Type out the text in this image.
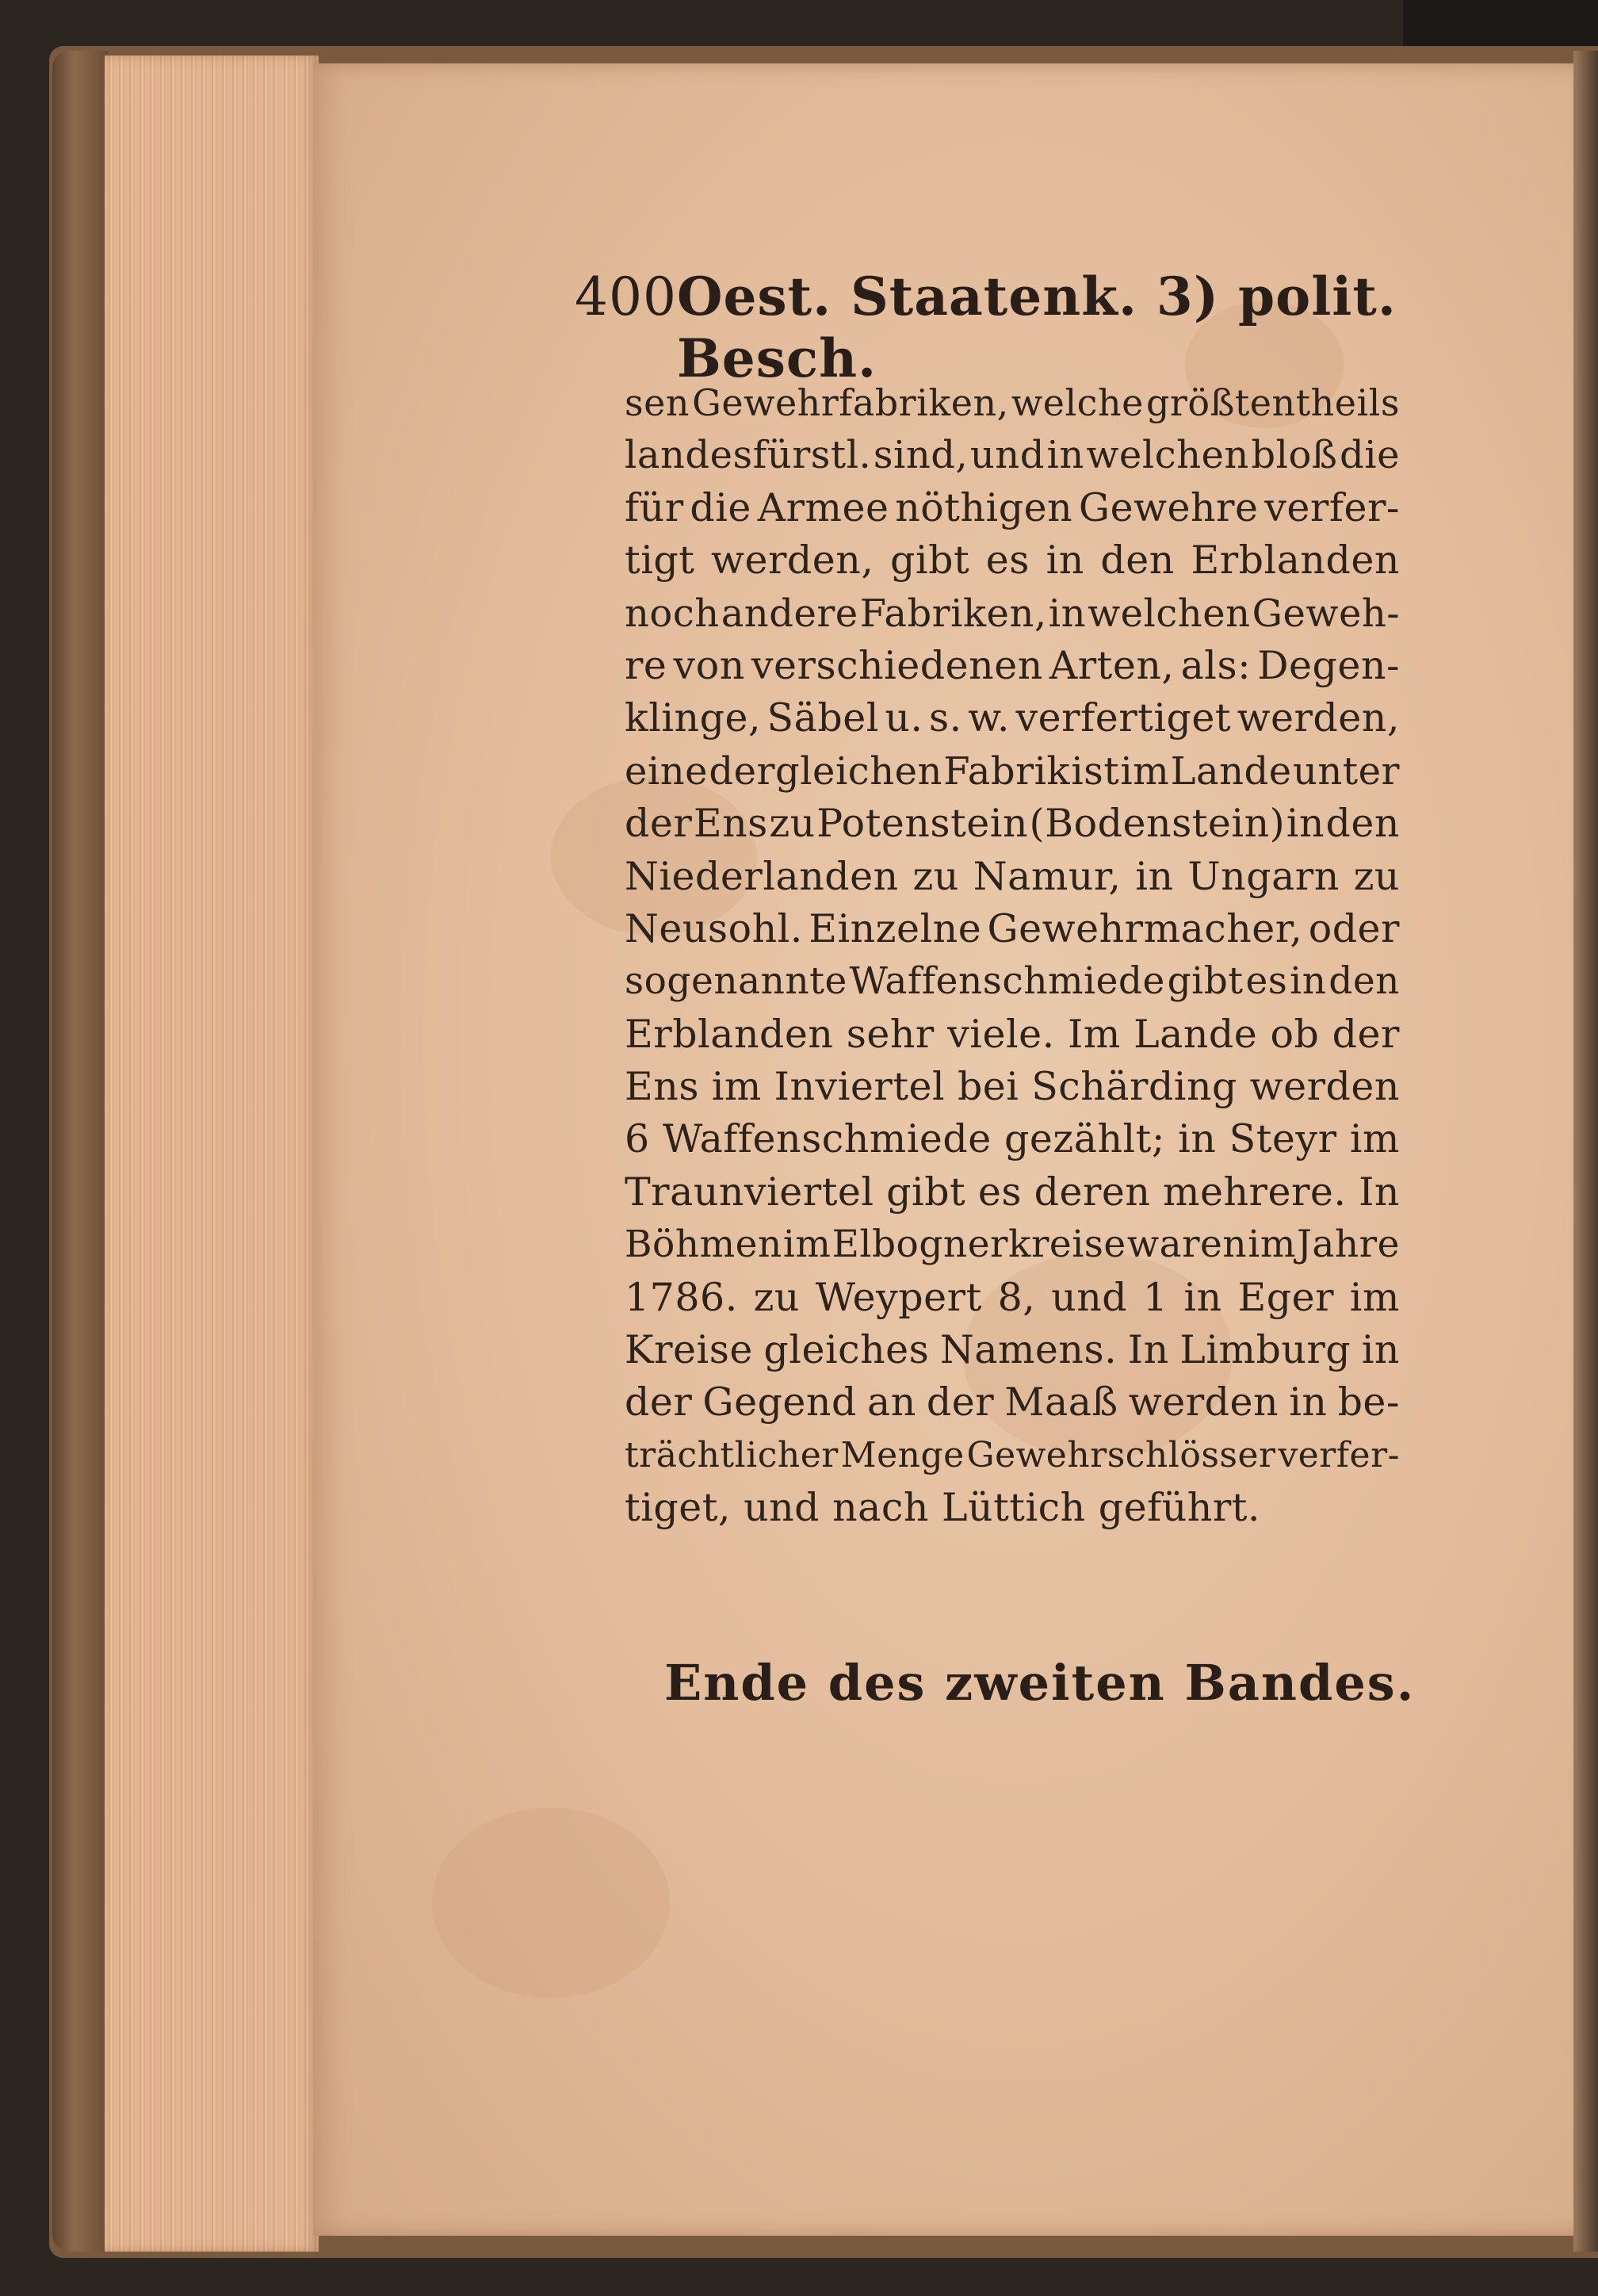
400 Oest. Staatenk. 3) polit. Besch.
sen Gewehrfabriken, welche größtentheils
landesfürstl. sind, und in welchen bloß die
für die Armee nöthigen Gewehre verfer-
tigt werden, gibt es in den Erblanden
noch andere Fabriken, in welchen Geweh-
re von verschiedenen Arten, als: Degen-
klinge, Säbel u. s. w. verfertiget werden,
eine dergleichen Fabrik ist im Lande unter
der Ens zu Potenstein (Bodenstein) in den
Niederlanden zu Namur, in Ungarn zu
Neusohl. Einzelne Gewehrmacher, oder
sogenannte Waffenschmiede gibt es in den
Erblanden sehr viele. Im Lande ob der
Ens im Inviertel bei Schärding werden
6 Waffenschmiede gezählt; in Steyr im
Traunviertel gibt es deren mehrere. In
Böhmen im Elbognerkreise waren im Jahre
1786. zu Weypert 8, und 1 in Eger im
Kreise gleiches Namens. In Limburg in
der Gegend an der Maaß werden in be-
trächtlicher Menge Gewehrschlösser verfer-
tiget, und nach Lüttich geführt.
Ende des zweiten Bandes.
